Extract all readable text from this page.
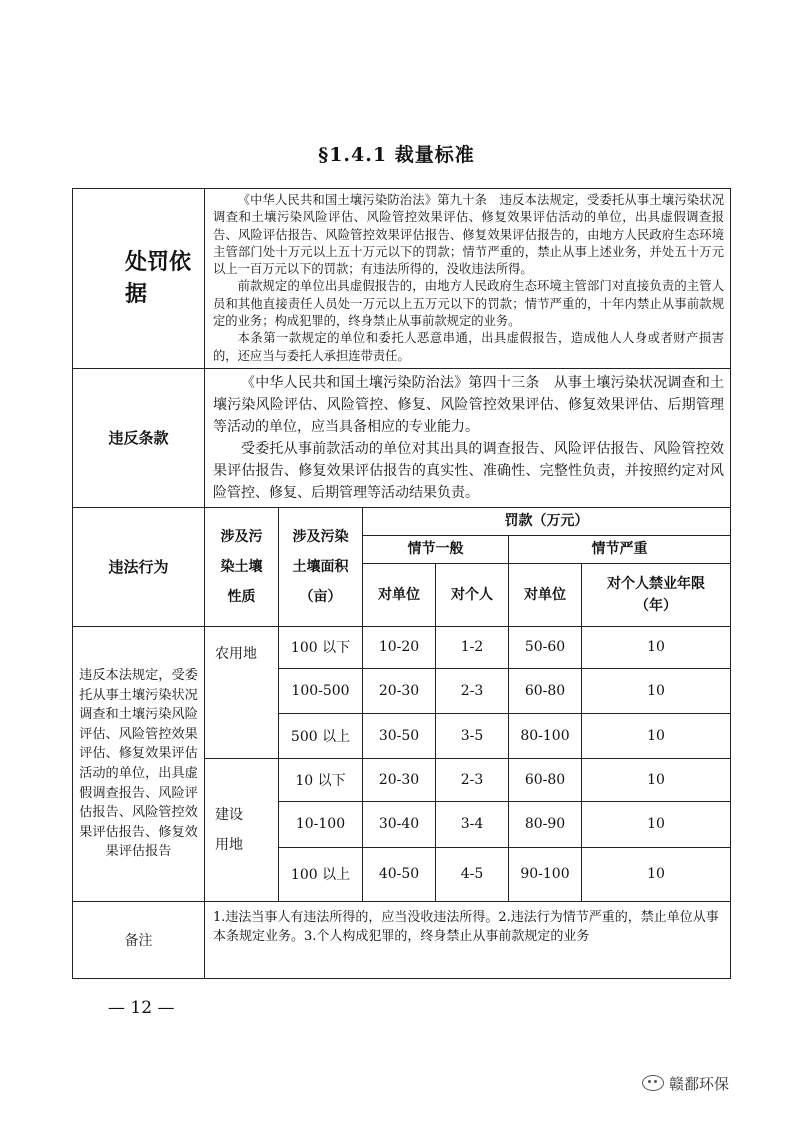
§1.4.1 裁量标准
处罚依据	《中华人民共和国土壤污染防治法》第九十条　违反本法规定，受委托从事土壤污染状况调查和土壤污染风险评估、风险管控效果评估、修复效果评估活动的单位，出具虚假调查报告、风险评估报告、风险管控效果评估报告、修复效果评估报告的，由地方人民政府生态环境主管部门处十万元以上五十万元以下的罚款；情节严重的，禁止从事上述业务，并处五十万元以上一百万元以下的罚款；有违法所得的，没收违法所得。

前款规定的单位出具虚假报告的，由地方人民政府生态环境主管部门对直接负责的主管人员和其他直接责任人员处一万元以上五万元以下的罚款；情节严重的，十年内禁止从事前款规定的业务；构成犯罪的，终身禁止从事前款规定的业务。

本条第一款规定的单位和委托人恶意串通，出具虚假报告，造成他人人身或者财产损害的，还应当与委托人承担连带责任。					

违反条款	《中华人民共和国土壤污染防治法》第四十三条　从事土壤污染状况调查和土壤污染风险评估、风险管控、修复、风险管控效果评估、修复效果评估、后期管理等活动的单位，应当具备相应的专业能力。

受委托从事前款活动的单位对其出具的调查报告、风险评估报告、风险管控效果评估报告、修复效果评估报告的真实性、准确性、完整性负责，并按照约定对风险管控、修复、后期管理等活动结果负责。					

违法行为	涉及污染土壤性质	涉及污染土壤面积（亩）	罚款（万元）			
			情节一般		情节严重	
			对单位	对个人	对单位	对个人禁业年限（年）

违反本法规定，受委托从事土壤污染状况调查和土壤污染风险评估、风险管控效果评估、修复效果评估活动的单位，出具虚假调查报告、风险评估报告、风险管控效果评估报告、修复效果评估报告	农用地	100 以下	10-20	1-2	50-60	10
		100-500	20-30	2-3	60-80	10
		500 以上	30-50	3-5	80-100	10

	建设用地	10 以下	20-30	2-3	60-80	10
		10-100	30-40	3-4	80-90	10
		100 以上	40-50	4-5	90-100	10
备注	1.违法当事人有违法所得的，应当没收违法所得。2.违法行为情节严重的，禁止单位从事本条规定业务。3.个人构成犯罪的，终身禁止从事前款规定的业务					
— 12 —
赣鄱环保
